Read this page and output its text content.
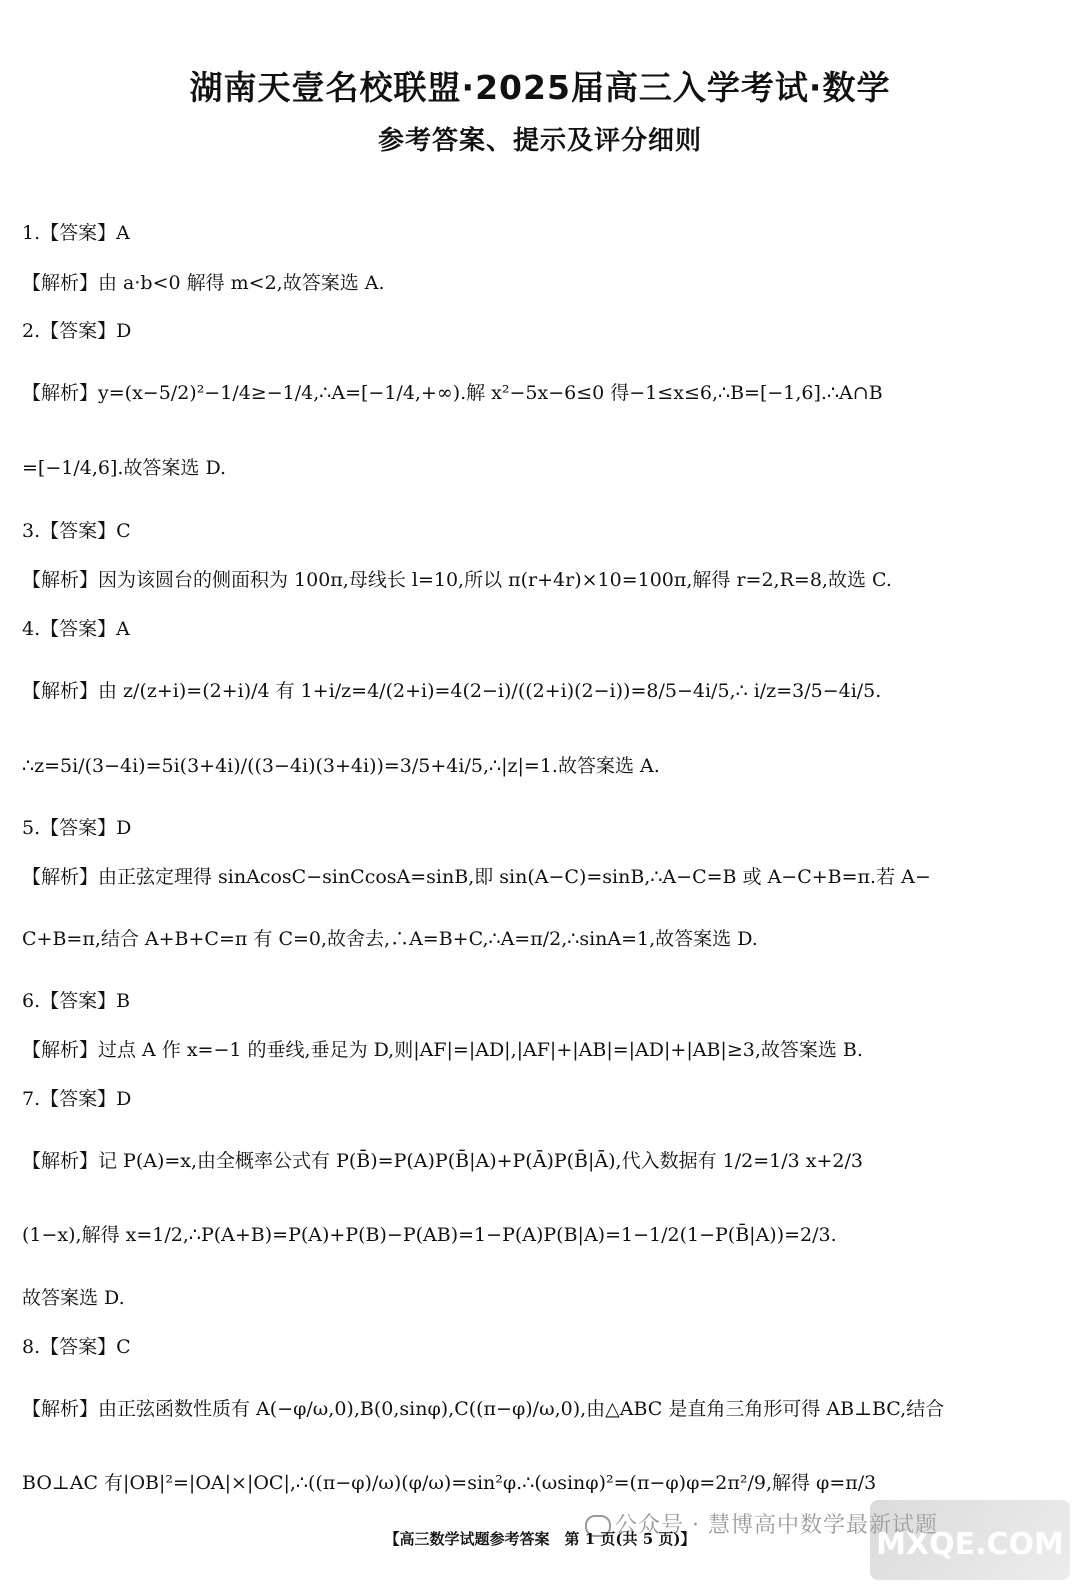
湖南天壹名校联盟·2025届高三入学考试·数学
参考答案、提示及评分细则
1.【答案】A
【解析】由 a·b<0 解得 m<2,故答案选 A.
2.【答案】D
【解析】y=(x−5/2)²−1/4≥−1/4,∴A=[−1/4,+∞).解 x²−5x−6≤0 得−1≤x≤6,∴B=[−1,6].∴A∩B
=[−1/4,6].故答案选 D.
3.【答案】C
【解析】因为该圆台的侧面积为 100π,母线长 l=10,所以 π(r+4r)×10=100π,解得 r=2,R=8,故选 C.
4.【答案】A
【解析】由 z/(z+i)=(2+i)/4 有 1+i/z=4/(2+i)=4(2−i)/((2+i)(2−i))=8/5−4i/5,∴ i/z=3/5−4i/5.
∴z=5i/(3−4i)=5i(3+4i)/((3−4i)(3+4i))=3/5+4i/5,∴|z|=1.故答案选 A.
5.【答案】D
【解析】由正弦定理得 sinAcosC−sinCcosA=sinB,即 sin(A−C)=sinB,∴A−C=B 或 A−C+B=π.若 A−
C+B=π,结合 A+B+C=π 有 C=0,故舍去,∴A=B+C,∴A=π/2,∴sinA=1,故答案选 D.
6.【答案】B
【解析】过点 A 作 x=−1 的垂线,垂足为 D,则|AF|=|AD|,|AF|+|AB|=|AD|+|AB|≥3,故答案选 B.
7.【答案】D
【解析】记 P(A)=x,由全概率公式有 P(B̄)=P(A)P(B̄|A)+P(Ā)P(B̄|Ā),代入数据有 1/2=1/3 x+2/3
(1−x),解得 x=1/2,∴P(A+B)=P(A)+P(B)−P(AB)=1−P(A)P(B|A)=1−1/2(1−P(B̄|A))=2/3.
故答案选 D.
8.【答案】C
【解析】由正弦函数性质有 A(−φ/ω,0),B(0,sinφ),C((π−φ)/ω,0),由△ABC 是直角三角形可得 AB⊥BC,结合
BO⊥AC 有|OB|²=|OA|×|OC|,∴((π−φ)/ω)(φ/ω)=sin²φ.∴(ωsinφ)²=(π−φ)φ=2π²/9,解得 φ=π/3
公众号 · 慧博高中数学最新试题
MXQE.COM
【高三数学试题参考答案　第 1 页(共 5 页)】
